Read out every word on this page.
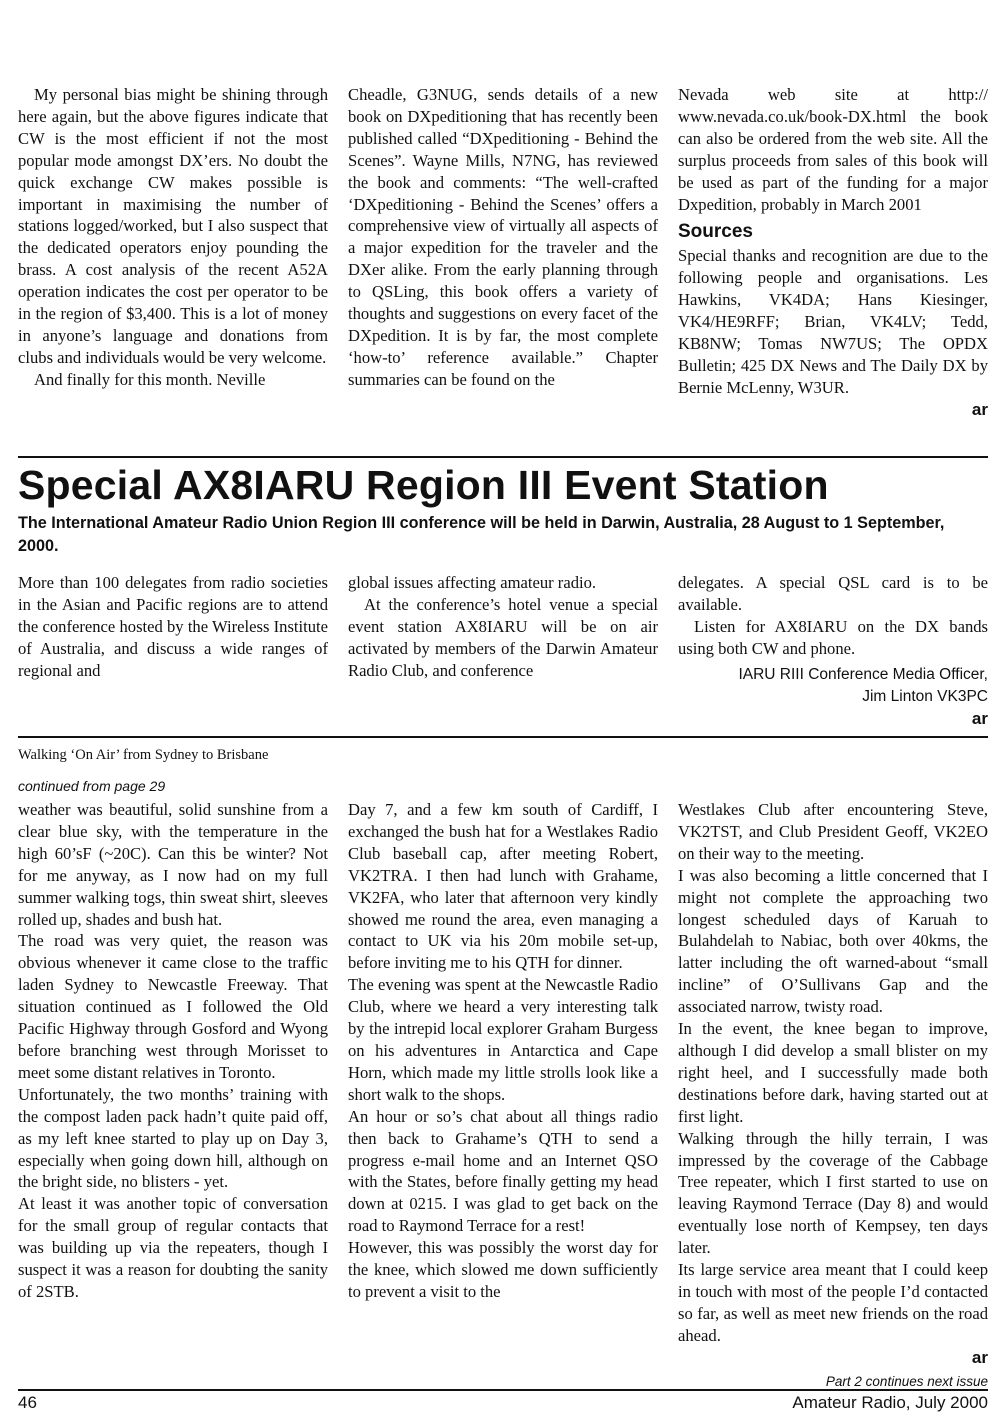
My personal bias might be shining through here again, but the above figures indicate that CW is the most efficient if not the most popular mode amongst DX’ers. No doubt the quick exchange CW makes possible is important in maximising the number of stations logged/worked, but I also suspect that the dedicated operators enjoy pounding the brass. A cost analysis of the recent A52A operation indicates the cost per operator to be in the region of $3,400. This is a lot of money in anyone’s language and donations from clubs and individuals would be very welcome.

And finally for this month. Neville

Cheadle, G3NUG, sends details of a new book on DXpeditioning that has recently been published called “DXpeditioning - Behind the Scenes”. Wayne Mills, N7NG, has reviewed the book and comments: “The well-crafted ‘DXpeditioning - Behind the Scenes’ offers a comprehensive view of virtually all aspects of a major expedition for the traveler and the DXer alike. From the early planning through to QSLing, this book offers a variety of thoughts and suggestions on every facet of the DXpedition. It is by far, the most complete ‘how-to’ reference available.” Chapter summaries can be found on the

Nevada web site at http:// www.nevada.co.uk/book-DX.html the book can also be ordered from the web site. All the surplus proceeds from sales of this book will be used as part of the funding for a major Dxpedition, probably in March 2001

Sources

Special thanks and recognition are due to the following people and organisations. Les Hawkins, VK4DA; Hans Kiesinger, VK4/HE9RFF; Brian, VK4LV; Tedd, KB8NW; Tomas NW7US; The OPDX Bulletin; 425 DX News and The Daily DX by Bernie McLenny, W3UR.

ar
Special AX8IARU Region III Event Station

The International Amateur Radio Union Region III conference will be held in Darwin, Australia, 28 August to 1 September, 2000.

More than 100 delegates from radio societies in the Asian and Pacific regions are to attend the conference hosted by the Wireless Institute of Australia, and discuss a wide ranges of regional and

global issues affecting amateur radio.

At the conference’s hotel venue a special event station AX8IARU will be on air activated by members of the Darwin Amateur Radio Club, and conference

delegates. A special QSL card is to be available.

Listen for AX8IARU on the DX bands using both CW and phone.

IARU RIII Conference Media Officer,
Jim Linton VK3PC
ar
Walking ‘On Air’ from Sydney to Brisbane
continued from page 29

weather was beautiful, solid sunshine from a clear blue sky, with the temperature in the high 60’sF (~20C). Can this be winter? Not for me anyway, as I now had on my full summer walking togs, thin sweat shirt, sleeves rolled up, shades and bush hat.

The road was very quiet, the reason was obvious whenever it came close to the traffic laden Sydney to Newcastle Freeway. That situation continued as I followed the Old Pacific Highway through Gosford and Wyong before branching west through Morisset to meet some distant relatives in Toronto.

Unfortunately, the two months’ training with the compost laden pack hadn’t quite paid off, as my left knee started to play up on Day 3, especially when going down hill, although on the bright side, no blisters - yet.

At least it was another topic of conversation for the small group of regular contacts that was building up via the repeaters, though I suspect it was a reason for doubting the sanity of 2STB.

Day 7, and a few km south of Cardiff, I exchanged the bush hat for a Westlakes Radio Club baseball cap, after meeting Robert, VK2TRA. I then had lunch with Grahame, VK2FA, who later that afternoon very kindly showed me round the area, even managing a contact to UK via his 20m mobile set-up, before inviting me to his QTH for dinner.

The evening was spent at the Newcastle Radio Club, where we heard a very interesting talk by the intrepid local explorer Graham Burgess on his adventures in Antarctica and Cape Horn, which made my little strolls look like a short walk to the shops.

An hour or so’s chat about all things radio then back to Grahame’s QTH to send a progress e-mail home and an Internet QSO with the States, before finally getting my head down at 0215. I was glad to get back on the road to Raymond Terrace for a rest!

However, this was possibly the worst day for the knee, which slowed me down sufficiently to prevent a visit to the

Westlakes Club after encountering Steve, VK2TST, and Club President Geoff, VK2EO on their way to the meeting.

I was also becoming a little concerned that I might not complete the approaching two longest scheduled days of Karuah to Bulahdelah to Nabiac, both over 40kms, the latter including the oft warned-about “small incline” of O’Sullivans Gap and the associated narrow, twisty road.

In the event, the knee began to improve, although I did develop a small blister on my right heel, and I successfully made both destinations before dark, having started out at first light.

Walking through the hilly terrain, I was impressed by the coverage of the Cabbage Tree repeater, which I first started to use on leaving Raymond Terrace (Day 8) and would eventually lose north of Kempsey, ten days later.

Its large service area meant that I could keep in touch with most of the people I’d contacted so far, as well as meet new friends on the road ahead.

ar
Part 2 continues next issue
46	Amateur Radio, July 2000
